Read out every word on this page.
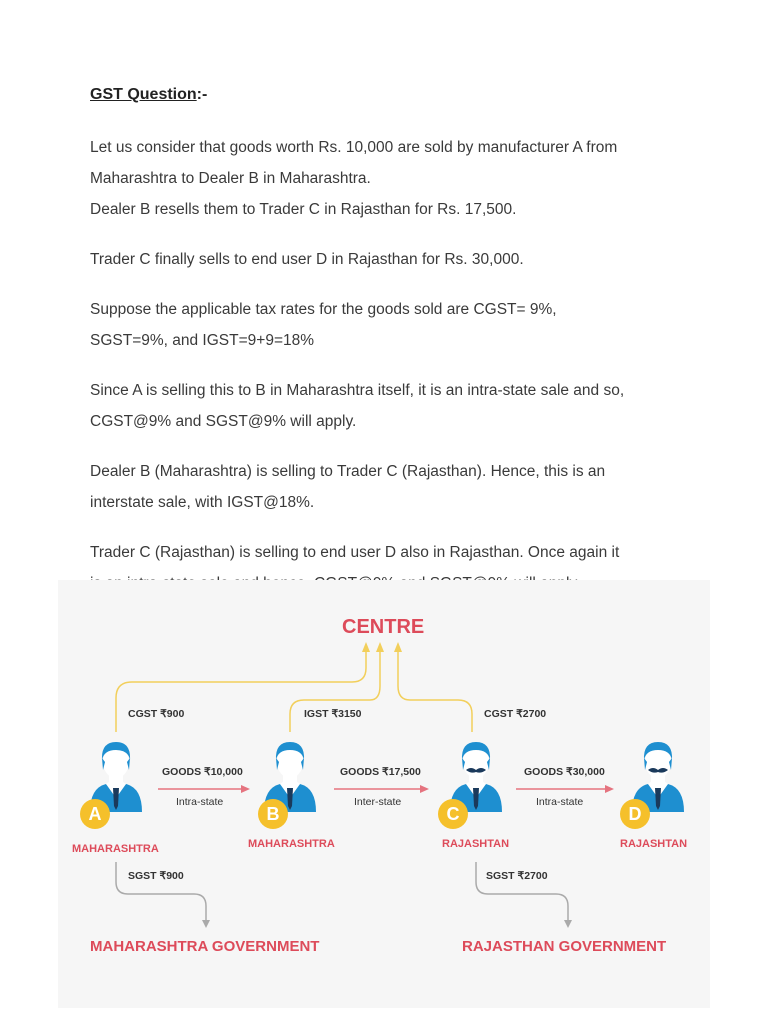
GST Question:-

Let us consider that goods worth Rs. 10,000 are sold by manufacturer A from
Maharashtra to Dealer B in Maharashtra.

Dealer B resells them to Trader C in Rajasthan for Rs. 17,500.

Trader C finally sells to end user D in Rajasthan for Rs. 30,000.

Suppose the applicable tax rates for the goods sold are CGST= 9%,
SGST=9%, and IGST=9+9=18%

Since A is selling this to B in Maharashtra itself, it is an intra-state sale and so,
CGST@9% and SGST@9% will apply.

Dealer B (Maharashtra) is selling to Trader C (Rajasthan). Hence, this is an
interstate sale, with IGST@18%.

Trader C (Rajasthan) is selling to end user D also in Rajasthan. Once again it

CENTRE
CGST ₹900	IGST ₹3150	CGST ₹2700
GOODS ₹10,000
Intra-state
GOODS ₹17,500
Inter-state
GOODS ₹30,000
Intra-state
A	B	C	D
MAHARASHTRA	MAHARASHTRA	RAJASHTAN	RAJASHTAN
SGST ₹900	SGST ₹2700
MAHARASHTRA GOVERNMENT	RAJASTHAN GOVERNMENT
